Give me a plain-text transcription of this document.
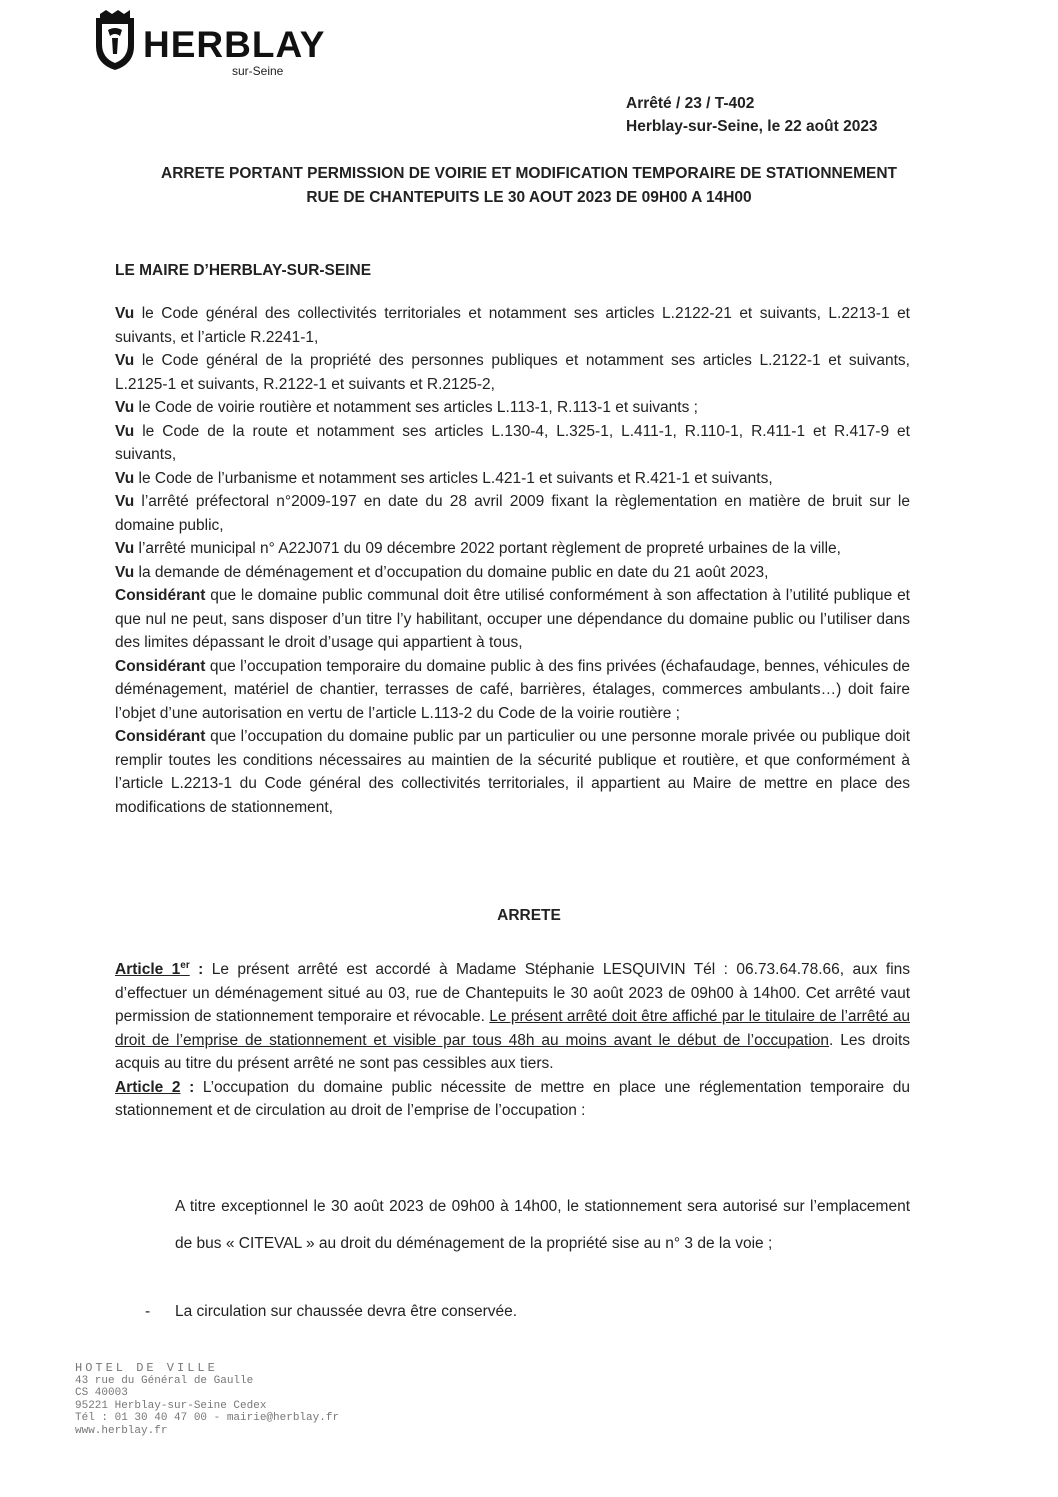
HERBLAY
sur-Seine
Arrêté / 23 / T-402
Herblay-sur-Seine, le 22 août 2023
ARRETE PORTANT PERMISSION DE VOIRIE ET MODIFICATION TEMPORAIRE DE STATIONNEMENT
RUE DE CHANTEPUITS LE 30 AOUT 2023 DE 09H00 A 14H00
LE MAIRE D’HERBLAY-SUR-SEINE

Vu le Code général des collectivités territoriales et notamment ses articles L.2122-21 et suivants, L.2213-1 et suivants, et l’article R.2241-1,

Vu le Code général de la propriété des personnes publiques et notamment ses articles L.2122-1 et suivants, L.2125-1 et suivants, R.2122-1 et suivants et R.2125-2,

Vu le Code de voirie routière et notamment ses articles L.113-1, R.113-1 et suivants ;

Vu le Code de la route et notamment ses articles L.130-4, L.325-1, L.411-1, R.110-1, R.411-1 et R.417-9 et suivants,

Vu le Code de l’urbanisme et notamment ses articles L.421-1 et suivants et R.421-1 et suivants,

Vu l’arrêté préfectoral n°2009-197 en date du 28 avril 2009 fixant la règlementation en matière de bruit sur le domaine public,

Vu l’arrêté municipal n° A22J071 du 09 décembre 2022 portant règlement de propreté urbaines de la ville,

Vu la demande de déménagement et d’occupation du domaine public en date du 21 août 2023,

Considérant que le domaine public communal doit être utilisé conformément à son affectation à l’utilité publique et que nul ne peut, sans disposer d’un titre l’y habilitant, occuper une dépendance du domaine public ou l’utiliser dans des limites dépassant le droit d’usage qui appartient à tous,

Considérant que l’occupation temporaire du domaine public à des fins privées (échafaudage, bennes, véhicules de déménagement, matériel de chantier, terrasses de café, barrières, étalages, commerces ambulants…) doit faire l’objet d’une autorisation en vertu de l’article L.113-2 du Code de la voirie routière ;

Considérant que l’occupation du domaine public par un particulier ou une personne morale privée ou publique doit remplir toutes les conditions nécessaires au maintien de la sécurité publique et routière, et que conformément à l’article L.2213-1 du Code général des collectivités territoriales, il appartient au Maire de mettre en place des modifications de stationnement,

ARRETE

Article 1er : Le présent arrêté est accordé à Madame Stéphanie LESQUIVIN Tél : 06.73.64.78.66, aux fins d’effectuer un déménagement situé au 03, rue de Chantepuits le 30 août 2023 de 09h00 à 14h00. Cet arrêté vaut permission de stationnement temporaire et révocable. Le présent arrêté doit être affiché par le titulaire de l’arrêté au droit de l’emprise de stationnement et visible par tous 48h au moins avant le début de l’occupation. Les droits acquis au titre du présent arrêté ne sont pas cessibles aux tiers.

Article 2 : L’occupation du domaine public nécessite de mettre en place une réglementation temporaire du stationnement et de circulation au droit de l’emprise de l’occupation :

A titre exceptionnel le 30 août 2023 de 09h00 à 14h00, le stationnement sera autorisé sur l’emplacement de bus « CITEVAL » au droit du déménagement de la propriété sise au n° 3 de la voie ;
- La circulation sur chaussée devra être conservée.
HOTEL DE VILLE
43 rue du Général de Gaulle
CS 40003
95221 Herblay-sur-Seine Cedex
Tél : 01 30 40 47 00 - mairie@herblay.fr
www.herblay.fr
